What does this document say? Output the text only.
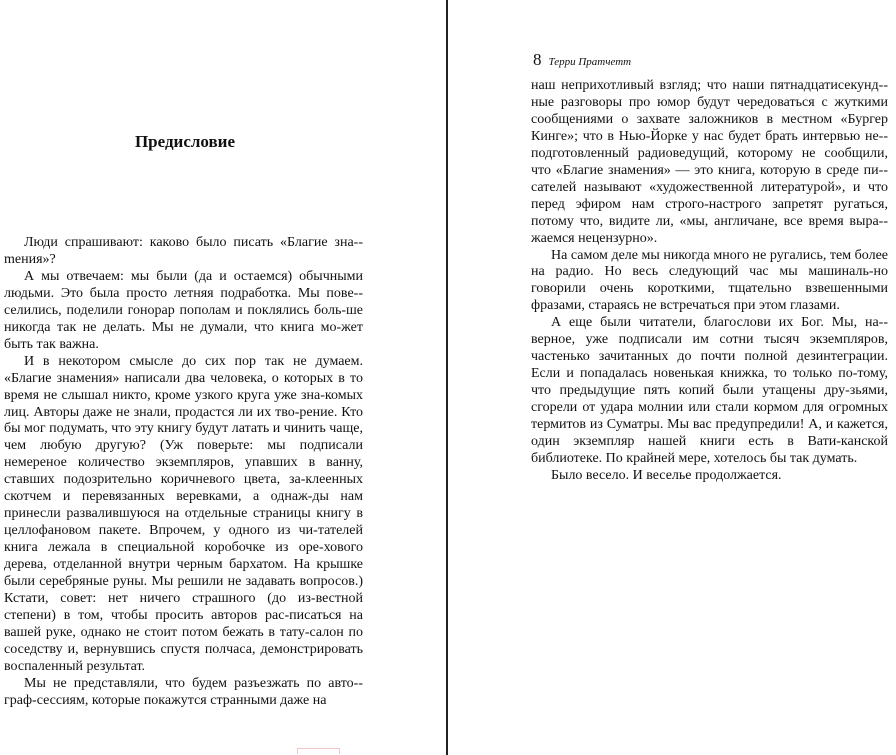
Предисловие

Люди спрашивают: каково было писать «Благие зна-mения»?

А мы отвечаем: мы были (да и остаемся) обычными людьми. Это была просто летняя подработка. Мы пове-селились, поделили гонорар пополам и поклялись боль-ше никогда так не делать. Мы не думали, что книга мо-жет быть так важна.

И в некотором смысле до сих пор так не думаем. «Благие знамения» написали два человека, о которых в то время не слышал никто, кроме узкого круга уже зна-комых лиц. Авторы даже не знали, продастся ли их тво-рение. Кто бы мог подумать, что эту книгу будут латать и чинить чаще, чем любую другую? (Уж поверьте: мы подписали немереное количество экземпляров, упавших в ванну, ставших подозрительно коричневого цвета, за-клеенных скотчем и перевязанных веревками, а однаж-ды нам принесли развалившуюся на отдельные страницы книгу в целлофановом пакете. Впрочем, у одного из чи-тателей книга лежала в специальной коробочке из оре-хового дерева, отделанной внутри черным бархатом. На крышке были серебряные руны. Мы решили не задавать вопросов.) Кстати, совет: нет ничего страшного (до из-вестной степени) в том, чтобы просить авторов рас-писаться на вашей руке, однако не стоит потом бежать в тату-салон по соседству и, вернувшись спустя полчаса, демонстрировать воспаленный результат.

Мы не представляли, что будем разъезжать по авто-граф-сессиям, которые покажутся странными даже на

8 Терри Пратчетт

наш неприхотливый взгляд; что наши пятнадцатисекунд-ные разговоры про юмор будут чередоваться с жуткими сообщениями о захвате заложников в местном «Бургер Кинге»; что в Нью-Йорке у нас будет брать интервью не-подготовленный радиоведущий, которому не сообщили, что «Благие знамения» — это книга, которую в среде пи-сателей называют «художественной литературой», и что перед эфиром нам строго-настрого запретят ругаться, потому что, видите ли, «мы, англичане, все время выра-жаемся нецензурно».

На самом деле мы никогда много не ругались, тем более на радио. Но весь следующий час мы машиналь-но говорили очень короткими, тщательно взвешенными фразами, стараясь не встречаться при этом глазами.

А еще были читатели, благослови их Бог. Мы, на-верное, уже подписали им сотни тысяч экземпляров, частенько зачитанных до почти полной дезинтеграции. Если и попадалась новенькая книжка, то только по-тому, что предыдущие пять копий были утащены дру-зьями, сгорели от удара молнии или стали кормом для огромных термитов из Суматры. Мы вас предупредили! А, и кажется, один экземпляр нашей книги есть в Вати-канской библиотеке. По крайней мере, хотелось бы так думать.

Было весело. И веселье продолжается.
